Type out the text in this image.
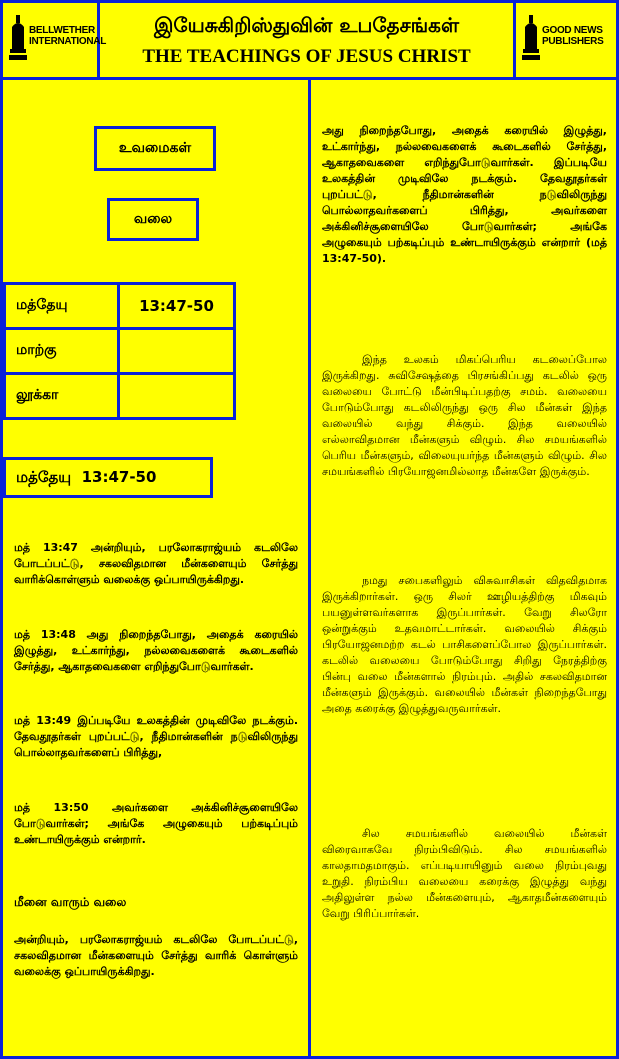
BELLWETHER INTERNATIONAL
இயேசுகிறிஸ்துவின் உபதேசங்கள்
THE TEACHINGS OF JESUS CHRIST
GOOD NEWS PUBLISHERS
உவமைகள்
வலை
மத்தேயு	13:47-50
மாற்கு	
லூக்கா	
மத்தேயு  13:47-50

மத் 13:47 அன்றியும், பரலோகராஜ்யம் கடலிலே போடப்பட்டு, சகலவிதமான மீன்களையும் சேர்த்து வாரிக்கொள்ளும் வலைக்கு ஒப்பாயிருக்கிறது.

மத் 13:48 அது நிறைந்தபோது, அதைக் கரையில் இழுத்து, உட்கார்ந்து, நல்லவைகளைக் கூடைகளில் சேர்த்து, ஆகாதவைகளை எறிந்துபோடுவார்கள்.

மத் 13:49 இப்படியே உலகத்தின் முடிவிலே நடக்கும். தேவதூதர்கள் புறப்பட்டு, நீதிமான்களின் நடுவிலிருந்து பொல்லாதவர்களைப் பிரித்து,

மத் 13:50 அவர்களை அக்கினிச்சூளையிலே போடுவார்கள்; அங்கே அழுகையும் பற்கடிப்பும் உண்டாயிருக்கும் என்றார்.

மீனை வாரும் வலை

அன்றியும், பரலோகராஜ்யம் கடலிலே போடப்பட்டு, சகலவிதமான மீன்களையும் சேர்த்து வாரிக் கொள்ளும் வலைக்கு ஒப்பாயிருக்கிறது.

அது நிறைந்தபோது, அதைக் கரையில் இழுத்து, உட்கார்ந்து, நல்லவைகளைக் கூடைகளில் சேர்த்து, ஆகாதவைகளை எறிந்துபோடுவார்கள். இப்படியே உலகத்தின் முடிவிலே நடக்கும். தேவதூதர்கள் புறப்பட்டு, நீதிமான்களின் நடுவிலிருந்து பொல்லாதவர்களைப் பிரித்து, அவர்களை அக்கினிச்சூளையிலே போடுவார்கள்; அங்கே அழுகையும் பற்கடிப்பும் உண்டாயிருக்கும் என்றார் (மத் 13:47-50).

இந்த உலகம் மிகப்பெரிய கடலைப்போல இருக்கிறது. சுவிசேஷத்தை பிரசங்கிப்பது கடலில் ஒரு வலையை போட்டு மீன்பிடிப்பதற்கு சமம். வலையை போடும்போது கடலிலிருந்து ஒரு சில மீன்கள் இந்த வலையில் வந்து சிக்கும். இந்த வலையில் எல்லாவிதமான மீன்களும் விழும். சில சமயங்களில் பெரிய மீன்களும், விலையுயர்ந்த மீன்களும் விழும். சில சமயங்களில் பிரயோஜனமில்லாத மீன்களே இருக்கும்.

நமது சபைகளிலும் விசுவாசிகள் விதவிதமாக இருக்கிறார்கள். ஒரு சிலர் ஊழியத்திற்கு மிகவும் பயனுள்ளவர்களாக இருப்பார்கள். வேறு சிலரோ ஒன்றுக்கும் உதவமாட்டார்கள். வலையில் சிக்கும் பிரயோஜனமற்ற கடல் பாசிகளைப்போல இருப்பார்கள். கடலில் வலையை போடும்போது சிறிது நேரத்திற்கு பின்பு வலை மீன்களால் நிரம்பும். அதில் சகலவிதமான மீன்களும் இருக்கும். வலையில் மீன்கள் நிறைந்தபோது அதை கரைக்கு இழுத்துவருவார்கள்.

சில சமயங்களில் வலையில் மீன்கள் விரைவாகவே நிரம்பிவிடும். சில சமயங்களில் காலதாமதமாகும். எப்படியாயினும் வலை நிரம்புவது உறுதி. நிரம்பிய வலையை கரைக்கு இழுத்து வந்து அதிலுள்ள நல்ல மீன்களையும், ஆகாதமீன்களையும் வேறு பிரிப்பார்கள்.
